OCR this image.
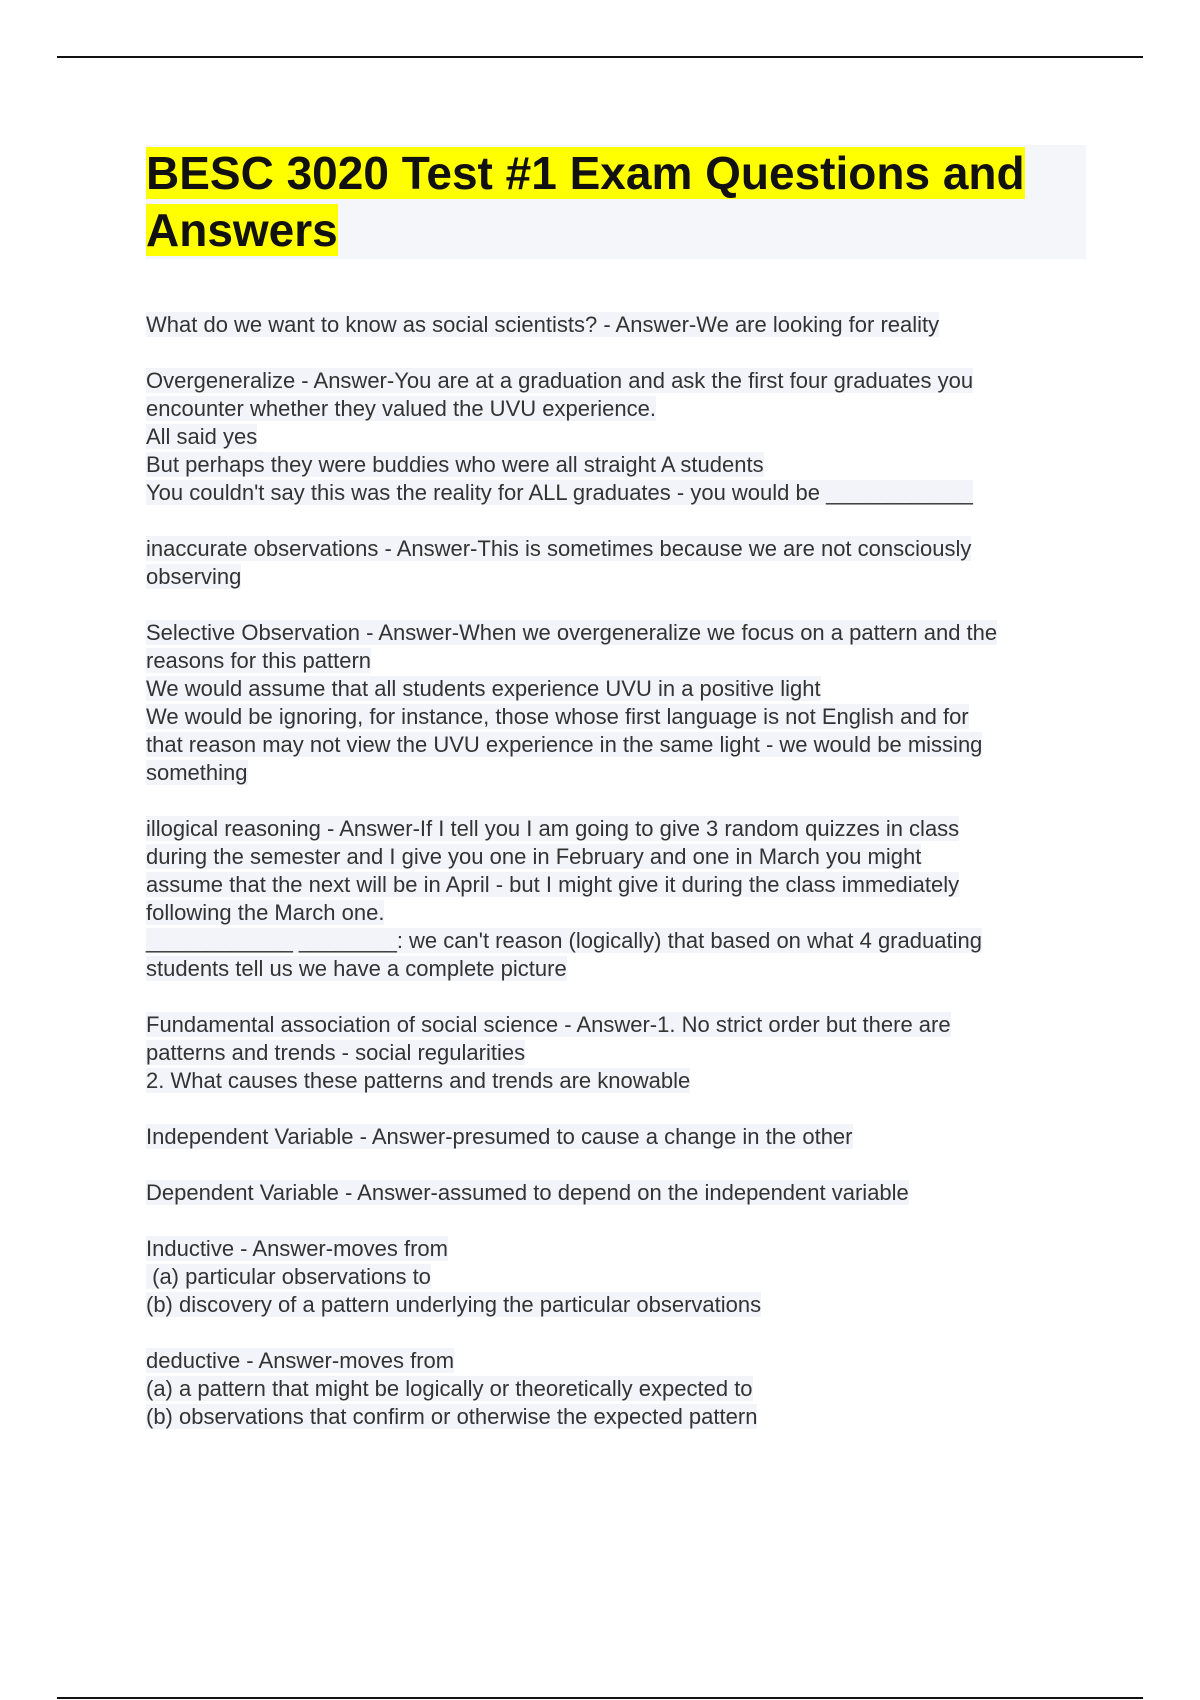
BESC 3020 Test #1 Exam Questions and Answers
What do we want to know as social scientists? - Answer-We are looking for reality
Overgeneralize - Answer-You are at a graduation and ask the first four graduates you
encounter whether they valued the UVU experience.
All said yes
But perhaps they were buddies who were all straight A students
You couldn't say this was the reality for ALL graduates - you would be ____________
inaccurate observations - Answer-This is sometimes because we are not consciously
observing
Selective Observation - Answer-When we overgeneralize we focus on a pattern and the
reasons for this pattern
We would assume that all students experience UVU in a positive light
We would be ignoring, for instance, those whose first language is not English and for
that reason may not view the UVU experience in the same light - we would be missing
something
illogical reasoning - Answer-If I tell you I am going to give 3 random quizzes in class
during the semester and I give you one in February and one in March you might
assume that the next will be in April - but I might give it during the class immediately
following the March one.
____________ ________: we can't reason (logically) that based on what 4 graduating
students tell us we have a complete picture
Fundamental association of social science - Answer-1. No strict order but there are
patterns and trends - social regularities
2. What causes these patterns and trends are knowable
Independent Variable - Answer-presumed to cause a change in the other
Dependent Variable - Answer-assumed to depend on the independent variable
Inductive - Answer-moves from
(a) particular observations to
(b) discovery of a pattern underlying the particular observations
deductive - Answer-moves from
(a) a pattern that might be logically or theoretically expected to
(b) observations that confirm or otherwise the expected pattern
